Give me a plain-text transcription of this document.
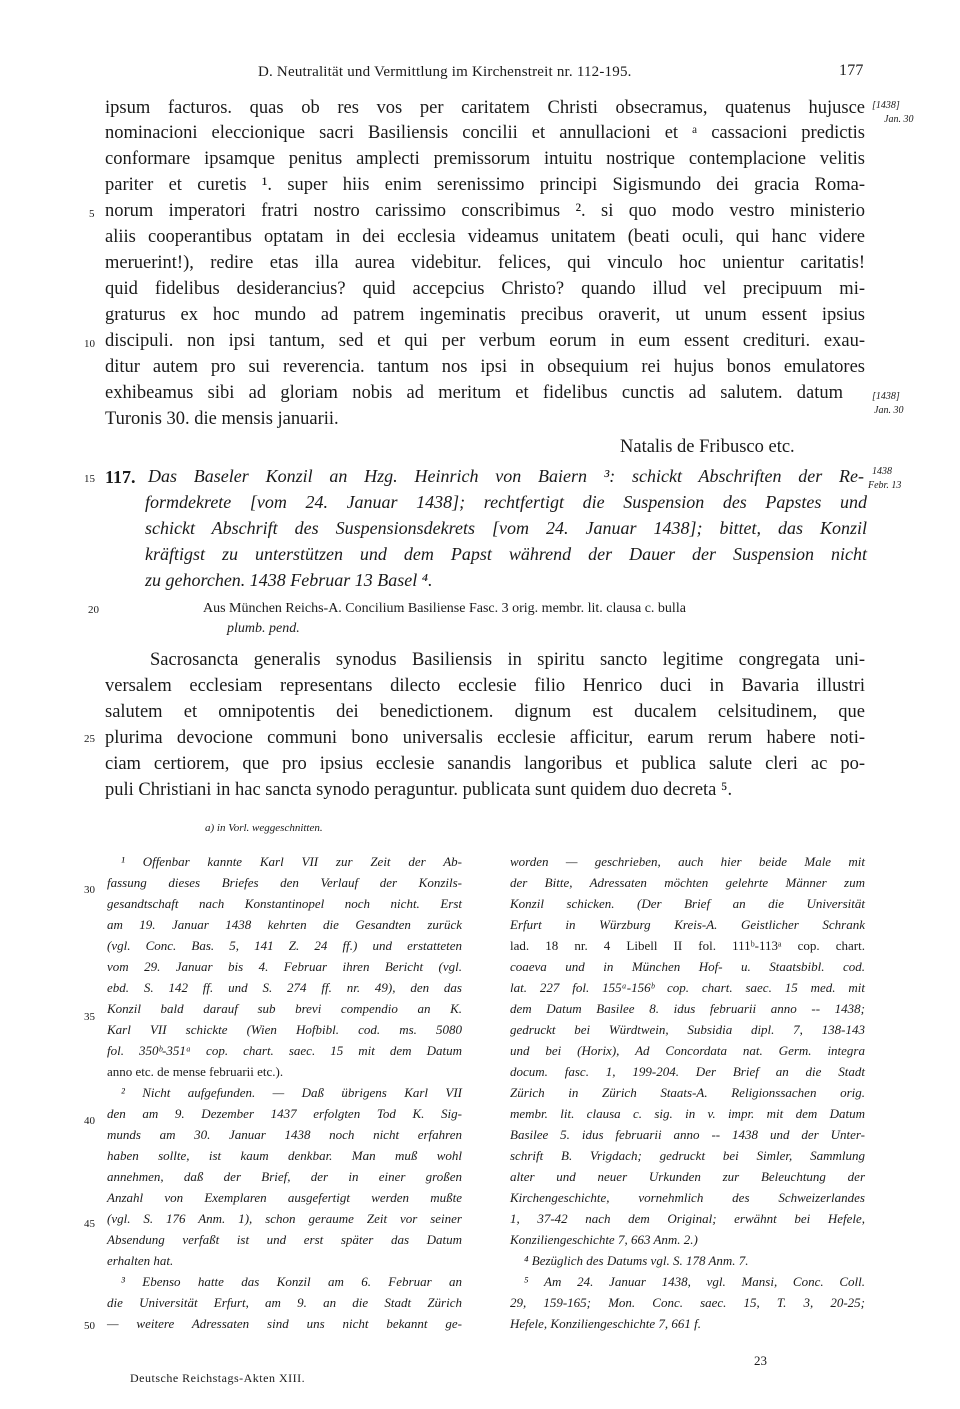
D. Neutralität und Vermittlung im Kirchenstreit nr. 112-195.	177
[1438]
Jan. 30
[1438]
Jan. 30
1438
Febr. 13
ipsum facturos. quas ob res vos per caritatem Christi obsecramus, quatenus hujusce
nominacioni eleccionique sacri Basiliensis concilii et annullacioni et ᵃ cassacioni predictis
conformare ipsamque penitus amplecti premissorum intuitu nostrique contemplacione velitis
pariter et curetis ¹. super hiis enim serenissimo principi Sigismundo dei gracia Roma-
norum imperatori fratri nostro carissimo conscribimus ². si quo modo vestro ministerio
aliis cooperantibus optatam in dei ecclesia videamus unitatem (beati oculi, qui hanc videre
meruerint!), redire etas illa aurea videbitur. felices, qui vinculo hoc unientur caritatis!
quid fidelibus desiderancius? quid accepcius Christo? quando illud vel precipuum mi-
graturus ex hoc mundo ad patrem ingeminatis precibus oraverit, ut unum essent ipsius
discipuli. non ipsi tantum, sed et qui per verbum eorum in eum essent credituri. exau-
ditur autem pro sui reverencia. tantum nos ipsi in obsequium rei hujus bonos emulatores
exhibeamus sibi ad gloriam nobis ad meritum et fidelibus cunctis ad salutem. datum
Turonis 30. die mensis januarii.
Natalis de Fribusco etc.
5
10
15
20
25
30
35
40
45
50
117. Das Baseler Konzil an Hzg. Heinrich von Baiern ³: schickt Abschriften der Re-
formdekrete [vom 24. Januar 1438]; rechtfertigt die Suspension des Papstes und
schickt Abschrift des Suspensionsdekrets [vom 24. Januar 1438]; bittet, das Konzil
kräftigst zu unterstützen und dem Papst während der Dauer der Suspension nicht
zu gehorchen. 1438 Februar 13 Basel ⁴.
Aus München Reichs-A. Concilium Basiliense Fasc. 3 orig. membr. lit. clausa c. bulla
plumb. pend.
Sacrosancta generalis synodus Basiliensis in spiritu sancto legitime congregata uni-
versalem ecclesiam representans dilecto ecclesie filio Henrico duci in Bavaria illustri
salutem et omnipotentis dei benedictionem. dignum est ducalem celsitudinem, que
plurima devocione communi bono universalis ecclesie afficitur, earum rerum habere noti-
ciam certiorem, que pro ipsius ecclesie sanandis langoribus et publica salute cleri ac po-
puli Christiani in hac sancta synodo peraguntur. publicata sunt quidem duo decreta ⁵.
a) in Vorl. weggeschnitten.
¹ Offenbar kannte Karl VII zur Zeit der Ab-
fassung dieses Briefes den Verlauf der Konzils-
gesandtschaft nach Konstantinopel noch nicht. Erst
am 19. Januar 1438 kehrten die Gesandten zurück
(vgl. Conc. Bas. 5, 141 Z. 24 ff.) und erstatteten
vom 29. Januar bis 4. Februar ihren Bericht (vgl.
ebd. S. 142 ff. und S. 274 ff. nr. 49), den das
Konzil bald darauf sub brevi compendio an K.
Karl VII schickte (Wien Hofbibl. cod. ms. 5080
fol. 350ᵇ-351ᵃ cop. chart. saec. 15 mit dem Datum
anno etc. de mense februarii etc.).
² Nicht aufgefunden. — Daß übrigens Karl VII
den am 9. Dezember 1437 erfolgten Tod K. Sig-
munds am 30. Januar 1438 noch nicht erfahren
haben sollte, ist kaum denkbar. Man muß wohl
annehmen, daß der Brief, der in einer großen
Anzahl von Exemplaren ausgefertigt werden mußte
(vgl. S. 176 Anm. 1), schon geraume Zeit vor seiner
Absendung verfaßt ist und erst später das Datum
erhalten hat.
³ Ebenso hatte das Konzil am 6. Februar an
die Universität Erfurt, am 9. an die Stadt Zürich
— weitere Adressaten sind uns nicht bekannt ge-
worden — geschrieben, auch hier beide Male mit
der Bitte, Adressaten möchten gelehrte Männer zum
Konzil schicken. (Der Brief an die Universität
Erfurt in Würzburg Kreis-A. Geistlicher Schrank
lad. 18 nr. 4 Libell II fol. 111ᵇ-113ᵃ cop. chart.
coaeva und in München Hof- u. Staatsbibl. cod.
lat. 227 fol. 155ᵃ-156ᵇ cop. chart. saec. 15 med. mit
dem Datum Basilee 8. idus februarii anno -- 1438;
gedruckt bei Würdtwein, Subsidia dipl. 7, 138-143
und bei (Horix), Ad Concordata nat. Germ. integra
docum. fasc. 1, 199-204. Der Brief an die Stadt
Zürich in Zürich Staats-A. Religionssachen orig.
membr. lit. clausa c. sig. in v. impr. mit dem Datum
Basilee 5. idus februarii anno -- 1438 und der Unter-
schrift B. Vrigdach; gedruckt bei Simler, Sammlung
alter und neuer Urkunden zur Beleuchtung der
Kirchengeschichte, vornehmlich des Schweizerlandes
1, 37-42 nach dem Original; erwähnt bei Hefele,
Konziliengeschichte 7, 663 Anm. 2.)
⁴ Bezüglich des Datums vgl. S. 178 Anm. 7.
⁵ Am 24. Januar 1438, vgl. Mansi, Conc. Coll.
29, 159-165; Mon. Conc. saec. 15, T. 3, 20-25;
Hefele, Konziliengeschichte 7, 661 f.
Deutsche Reichstags-Akten XIII.
23
